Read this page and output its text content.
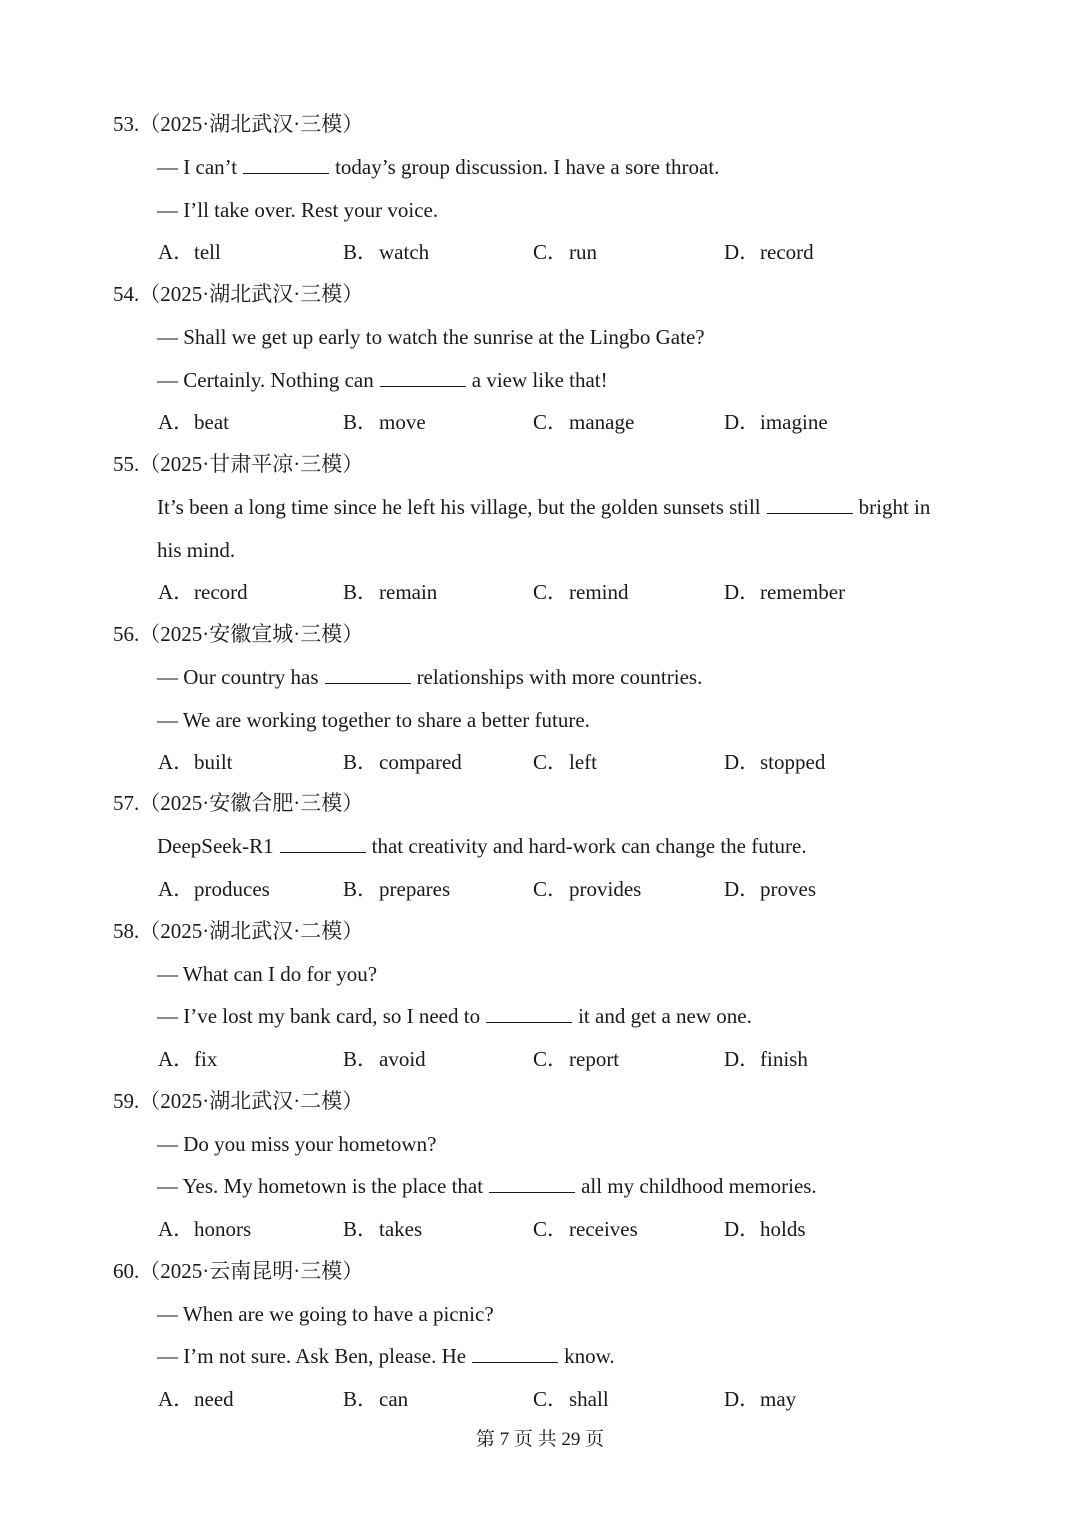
53.（2025·湖北武汉·三模）
— I can’t	today’s group discussion. I have a sore throat.
— I’ll take over. Rest your voice.
A．tell	B．watch	C．run	D．record
54.（2025·湖北武汉·三模）
— Shall we get up early to watch the sunrise at the Lingbo Gate?
— Certainly. Nothing can	a view like that!
A．beat	B．move	C．manage	D．imagine
55.（2025·甘肃平凉·三模）
It’s been a long time since he left his village, but the golden sunsets still	bright in
his mind.
A．record	B．remain	C．remind	D．remember
56.（2025·安徽宣城·三模）
— Our country has	relationships with more countries.
— We are working together to share a better future.
A．built	B．compared	C．left	D．stopped
57.（2025·安徽合肥·三模）
DeepSeek-R1	that creativity and hard-work can change the future.
A．produces	B．prepares	C．provides	D．proves
58.（2025·湖北武汉·二模）
— What can I do for you?
— I’ve lost my bank card, so I need to	it and get a new one.
A．fix	B．avoid	C．report	D．finish
59.（2025·湖北武汉·二模）
— Do you miss your hometown?
— Yes. My hometown is the place that	all my childhood memories.
A．honors	B．takes	C．receives	D．holds
60.（2025·云南昆明·三模）
— When are we going to have a picnic?
— I’m not sure. Ask Ben, please. He	know.
A．need	B．can	C．shall	D．may
第 7 页 共 29 页
